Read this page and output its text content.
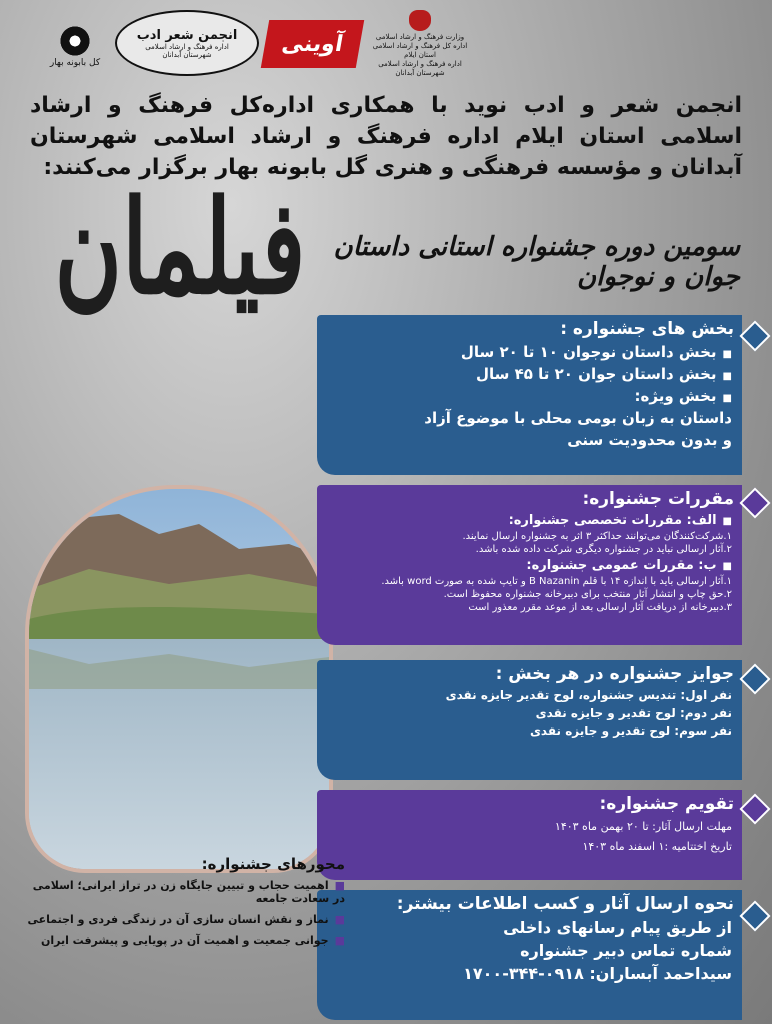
کل بابونه بهار
انجمن شعر ادب
اداره فرهنگ و ارشاد اسلامی
شهرستان آبدانان	آوینی	وزارت فرهنگ و ارشاد اسلامی
اداره کل فرهنگ و ارشاد اسلامی استان ایلام
اداره فرهنگ و ارشاد اسلامی شهرستان آبدانان
انجمن شعر و ادب نوید با همکاری اداره‌کل فرهنگ و ارشاد اسلامی استان ایلام اداره فرهنگ و ارشاد اسلامی شهرستان آبدانان و مؤسسه فرهنگی و هنری گل بابونه بهار برگزار می‌کنند:
سومین دوره جشنواره استانی داستان جوان و نوجوان
فیلمان
بخش های جشنواره :
■ بخش داستان نوجوان ۱۰ تا ۲۰ سال
■ بخش داستان جوان ۲۰ تا ۴۵ سال
■ بخش ویژه:
داستان به زبان بومی محلی با موضوع آزاد
و بدون محدودیت سنی
مقررات جشنواره:
■ الف: مقررات تخصصی جشنواره:
۱.شرکت‌کنندگان می‌توانند حداکثر ۳ اثر به جشنواره ارسال نمایند.
۲.آثار ارسالی نباید در جشنواره دیگری شرکت داده شده باشد.
■ ب: مقررات عمومی جشنواره:
۱.آثار ارسالی باید با اندازه ۱۴ با قلم B Nazanin و تایپ شده به صورت word باشد.
۲.حق چاپ و انتشار آثار منتخب برای دبیرخانه جشنواره محفوظ است.
۳.دبیرخانه از دریافت آثار ارسالی بعد از موعد مقرر معذور است
جوایز جشنواره در هر بخش :
نفر اول: تندیس جشنواره، لوح تقدیر جایزه نقدی
نفر دوم: لوح تقدیر و جایزه نقدی
نفر سوم: لوح تقدیر و جایزه نقدی
تقویم جشنواره:
مهلت ارسال آثار: تا ۲۰ بهمن ماه ۱۴۰۳
تاریخ اختتامیه :۱ اسفند ماه ۱۴۰۳
نحوه ارسال آثار و کسب اطلاعات بیشتر:
از طریق پیام رسانهای داخلی
شماره تماس دبیر جشنواره
سیداحمد آبساران: ۰۹۱۸-۳۴۴-۱۷۰۰
محورهای جشنواره:
■ اهمیت حجاب و تبیین جایگاه زن در تراز ایرانی؛ اسلامی در سعادت جامعه
■ نماز و نقش انسان سازی آن در زندگی فردی و اجتماعی
■ جوانی جمعیت و اهمیت آن در پویایی و پیشرفت ایران
